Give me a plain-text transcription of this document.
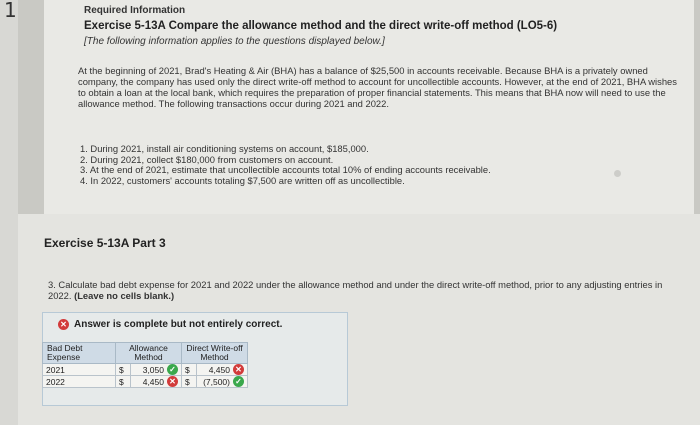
1	Required Information
Exercise 5-13A Compare the allowance method and the direct write-off method (LO5-6)
[The following information applies to the questions displayed below.]
At the beginning of 2021, Brad's Heating & Air (BHA) has a balance of $25,500 in accounts receivable. Because BHA is a privately owned company, the company has used only the direct write-off method to account for uncollectible accounts. However, at the end of 2021, BHA wishes to obtain a loan at the local bank, which requires the preparation of proper financial statements. This means that BHA now will need to use the allowance method. The following transactions occur during 2021 and 2022.
1. During 2021, install air conditioning systems on account, $185,000.
2. During 2021, collect $180,000 from customers on account.
3. At the end of 2021, estimate that uncollectible accounts total 10% of ending accounts receivable.
4. In 2022, customers' accounts totaling $7,500 are written off as uncollectible.
Exercise 5-13A Part 3
3. Calculate bad debt expense for 2021 and 2022 under the allowance method and under the direct write-off method, prior to any adjusting entries in 2022. (Leave no cells blank.)
✕ Answer is complete but not entirely correct.
Bad Debt Expense	Allowance Method		Direct Write-off Method	
2021	$	3,050 ✓	$	4,450 ✕

2022	$	4,450 ✕	$	(7,500) ✓
